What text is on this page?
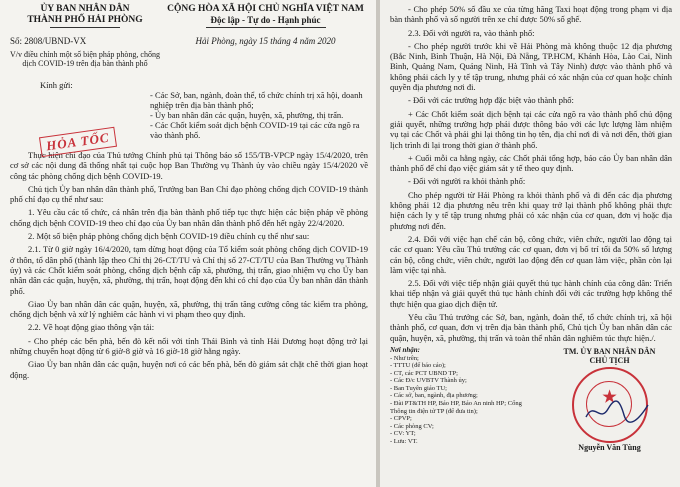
ỦY BAN NHÂN DÂN

THÀNH PHỐ HẢI PHÒNG

CỘNG HÒA XÃ HỘI CHỦ NGHĨA VIỆT NAM

Độc lập - Tự do - Hạnh phúc

Số: 2808/UBND-VX

V/v điều chỉnh một số biện pháp phòng, chống dịch COVID-19 trên địa bàn thành phố

Hải Phòng, ngày 15 tháng 4 năm 2020

HỎA TỐC

Kính gửi:

- Các Sở, ban, ngành, đoàn thể, tổ chức chính trị xã hội, doanh nghiệp trên địa bàn thành phố;

- Ủy ban nhân dân các quận, huyện, xã, phường, thị trấn.

- Các Chốt kiểm soát dịch bệnh COVID-19 tại các cửa ngõ ra vào thành phố.

Thực hiện chỉ đạo của Thủ tướng Chính phủ tại Thông báo số 155/TB-VPCP ngày 15/4/2020, trên cơ sở các nội dung đã thống nhất tại cuộc họp Ban Thường vụ Thành ủy vào chiều ngày 15/4/2020 về công tác phòng chống dịch bệnh COVID-19.

Chủ tịch Ủy ban nhân dân thành phố, Trưởng ban Ban Chỉ đạo phòng chống dịch COVID-19 thành phố chỉ đạo cụ thể như sau:

1. Yêu cầu các tổ chức, cá nhân trên địa bàn thành phố tiếp tục thực hiện các biện pháp về phòng chống dịch bệnh COVID-19 theo chỉ đạo của Ủy ban nhân dân thành phố đến hết ngày 22/4/2020.

2. Một số biện pháp phòng chống dịch bệnh COVID-19 điều chỉnh cụ thể như sau:

2.1. Từ 0 giờ ngày 16/4/2020, tạm dừng hoạt động của Tổ kiểm soát phòng chống dịch COVID-19 ở thôn, tổ dân phố (thành lập theo Chỉ thị 26-CT/TU và Chỉ thị số 27-CT/TU của Ban Thường vụ Thành ủy) và các Chốt kiểm soát phòng, chống dịch bệnh cấp xã, phường, thị trấn, giao nhiệm vụ cho Ủy ban nhân dân các quận, huyện, xã, phường, thị trấn, hoạt động đến khi có chỉ đạo của Ủy ban nhân dân thành phố.

Giao Ủy ban nhân dân các quận, huyện, xã, phường, thị trấn tăng cường công tác kiểm tra phòng, chống dịch bệnh và xử lý nghiêm các hành vi vi phạm theo quy định.

2.2. Về hoạt động giao thông vận tải:

- Cho phép các bến phà, bến đò kết nối với tỉnh Thái Bình và tỉnh Hải Dương hoạt động trở lại những chuyến hoạt động từ 6 giờ-8 giờ và 16 giờ-18 giờ hằng ngày.

Giao Ủy ban nhân dân các quận, huyện nơi có các bến phà, bến đò giám sát chặt chẽ thời gian hoạt động.

- Cho phép 50% số đầu xe của từng hãng Taxi hoạt động trong phạm vi địa bàn thành phố và số người trên xe chỉ được 50% số ghế.

2.3. Đối với người ra, vào thành phố:

- Cho phép người trước khi về Hải Phòng mà không thuộc 12 địa phương (Bắc Ninh, Bình Thuận, Hà Nội, Đà Nẵng, TP.HCM, Khánh Hòa, Lào Cai, Ninh Bình, Quảng Nam, Quảng Ninh, Hà Tĩnh và Tây Ninh) được vào thành phố và không phải cách ly y tế tập trung, nhưng phải có xác nhận của cơ quan hoặc chính quyền địa phương nơi đi.

- Đối với các trường hợp đặc biệt vào thành phố:

+ Các Chốt kiểm soát dịch bệnh tại các cửa ngõ ra vào thành phố chủ động giải quyết, những trường hợp phải được thông báo với các lực lượng làm nhiệm vụ tại các Chốt và phải ghi lại thông tin họ tên, địa chỉ nơi đi và nơi đến, thời gian lịch trình đi lại trong thời gian ở thành phố.

+ Cuối mỗi ca hằng ngày, các Chốt phải tổng hợp, báo cáo Ủy ban nhân dân thành phố để chỉ đạo việc giám sát y tế theo quy định.

- Đối với người ra khỏi thành phố:

Cho phép người từ Hải Phòng ra khỏi thành phố và đi đến các địa phương không phải 12 địa phương nêu trên khi quay trở lại thành phố không phải thực hiện cách ly y tế tập trung nhưng phải có xác nhận của cơ quan, đơn vị hoặc địa phương nơi đến.

2.4. Đối với việc hạn chế cán bộ, công chức, viên chức, người lao động tại các cơ quan: Yêu cầu Thủ trưởng các cơ quan, đơn vị bố trí tối đa 50% số lượng cán bộ, công chức, viên chức, người lao động đến cơ quan làm việc, phần còn lại làm việc tại nhà.

2.5. Đối với việc tiếp nhận giải quyết thủ tục hành chính của công dân: Triển khai tiếp nhận và giải quyết thủ tục hành chính đối với các trường hợp không thể thực hiện qua giao dịch điện tử.

Yêu cầu Thủ trưởng các Sở, ban, ngành, đoàn thể, tổ chức chính trị, xã hội thành phố, cơ quan, đơn vị trên địa bàn thành phố, Chủ tịch Ủy ban nhân dân các quận, huyện, xã, phường, thị trấn và toàn thể nhân dân nghiêm túc thực hiện./.

Nơi nhận:

- Như trên;

- TTTU (để báo cáo);

- CT, các PCT UBND TP;

- Các Đ/c UVBTV Thành ủy;

- Ban Tuyên giáo TU;

- Các sở, ban, ngành, địa phương;

- Đài PT&TH HP, Báo HP, Báo An ninh HP; Cổng Thông tin điện tử TP (để đưa tin);

- CPVP;

- Các phòng CV;

- CV: YT;

- Lưu: VT.

TM. ỦY BAN NHÂN DÂN

CHỦ TỊCH

★

Nguyễn Văn Tùng
